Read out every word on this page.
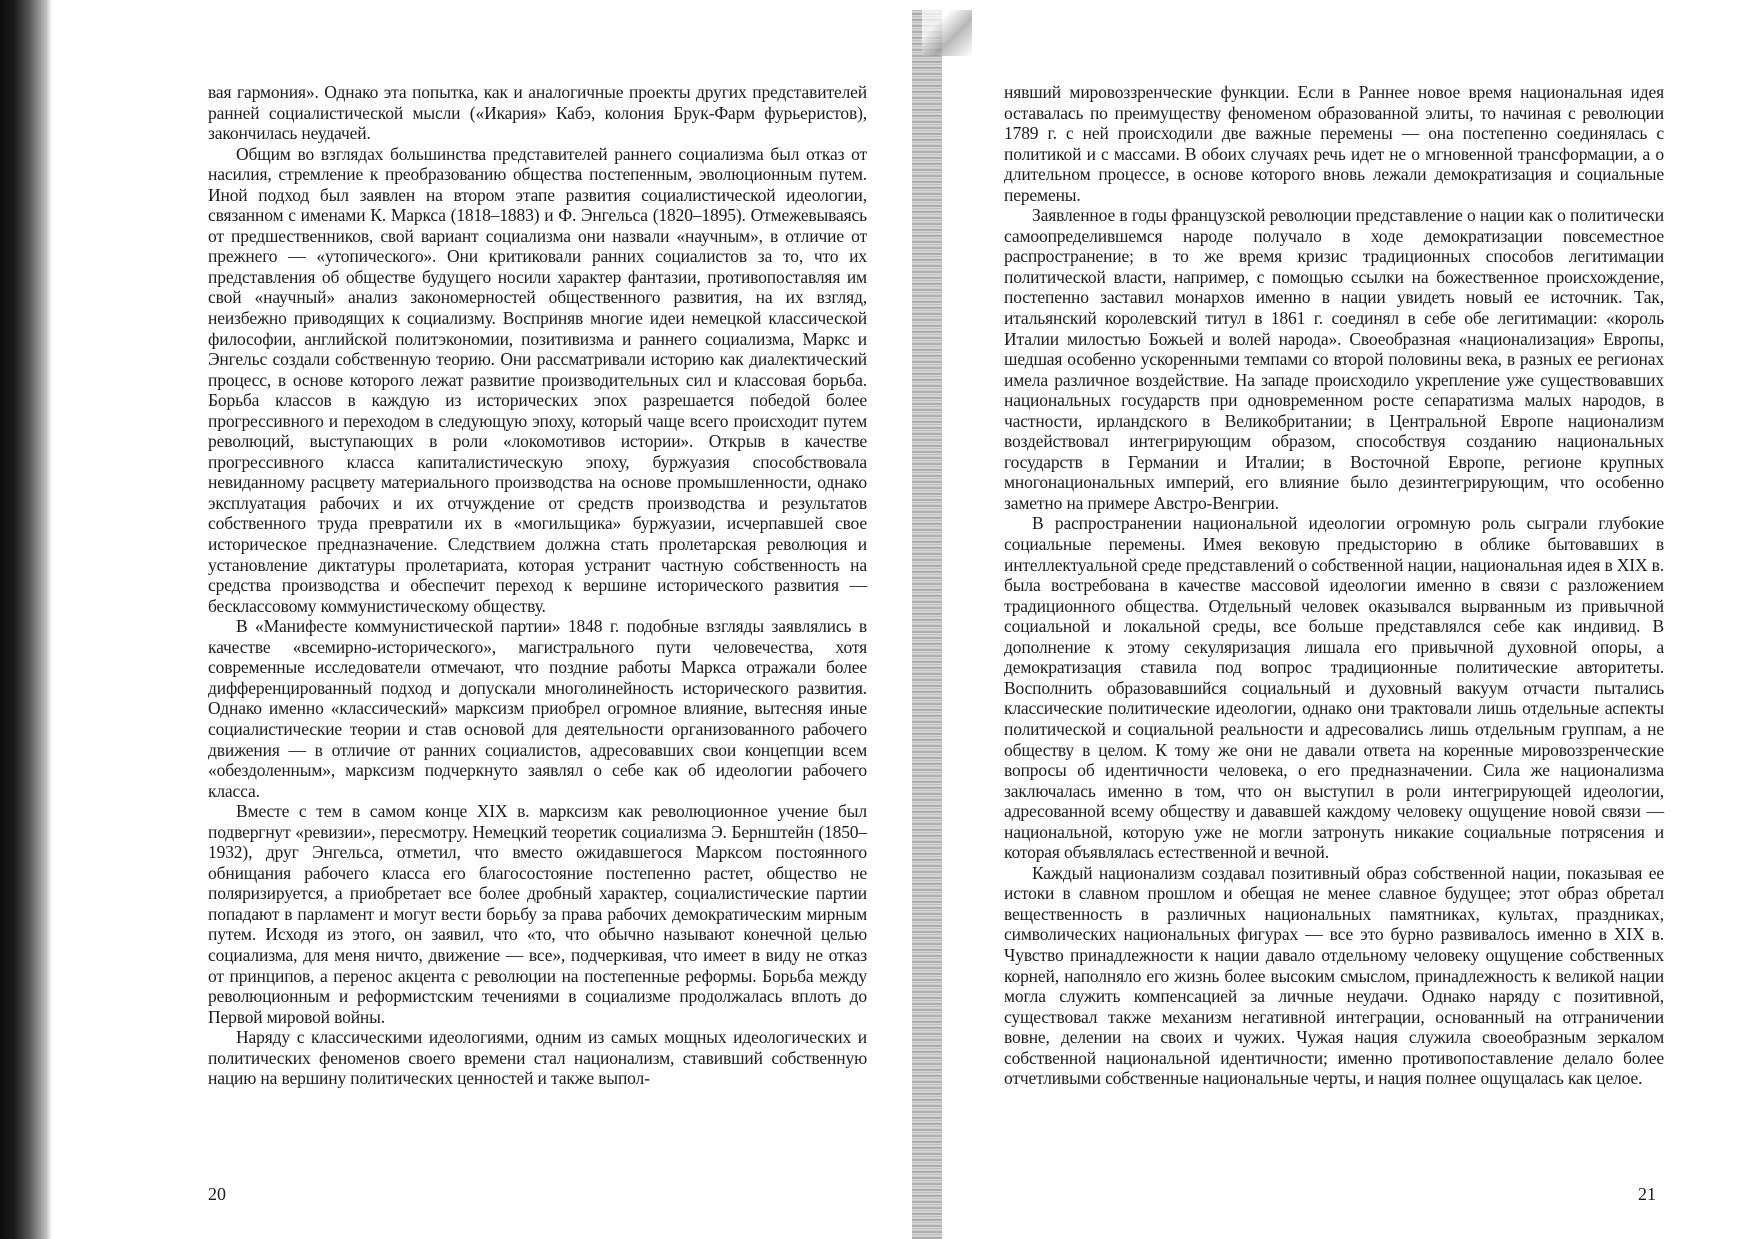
вая гармония». Однако эта попытка, как и аналогичные проекты других представителей ранней социалистической мысли («Икария» Кабэ, колония Брук-Фарм фурьеристов), закончилась неудачей.

Общим во взглядах большинства представителей раннего социализма был отказ от насилия, стремление к преобразованию общества постепенным, эволюционным путем. Иной подход был заявлен на втором этапе развития социалистической идеологии, связанном с именами К. Маркса (1818–1883) и Ф. Энгельса (1820–1895). Отмежевываясь от предшественников, свой вариант социализма они назвали «научным», в отличие от прежнего — «утопического». Они критиковали ранних социалистов за то, что их представления об обществе будущего носили характер фантазии, противопоставляя им свой «научный» анализ закономерностей общественного развития, на их взгляд, неизбежно приводящих к социализму. Восприняв многие идеи немецкой классической философии, английской политэкономии, позитивизма и раннего социализма, Маркс и Энгельс создали собственную теорию. Они рассматривали историю как диалектический процесс, в основе которого лежат развитие производительных сил и классовая борьба. Борьба классов в каждую из исторических эпох разрешается победой более прогрессивного и переходом в следующую эпоху, который чаще всего происходит путем революций, выступающих в роли «локомотивов истории». Открыв в качестве прогрессивного класса капиталистическую эпоху, буржуазия способствовала невиданному расцвету материального производства на основе промышленности, однако эксплуатация рабочих и их отчуждение от средств производства и результатов собственного труда превратили их в «могильщика» буржуазии, исчерпавшей свое историческое предназначение. Следствием должна стать пролетарская революция и установление диктатуры пролетариата, которая устранит частную собственность на средства производства и обеспечит переход к вершине исторического развития — бесклассовому коммунистическому обществу.

В «Манифесте коммунистической партии» 1848 г. подобные взгляды заявлялись в качестве «всемирно-исторического», магистрального пути человечества, хотя современные исследователи отмечают, что поздние работы Маркса отражали более дифференцированный подход и допускали многолинейность исторического развития. Однако именно «классический» марксизм приобрел огромное влияние, вытесняя иные социалистические теории и став основой для деятельности организованного рабочего движения — в отличие от ранних социалистов, адресовавших свои концепции всем «обездоленным», марксизм подчеркнуто заявлял о себе как об идеологии рабочего класса.

Вместе с тем в самом конце XIX в. марксизм как революционное учение был подвергнут «ревизии», пересмотру. Немецкий теоретик социализма Э. Бернштейн (1850–1932), друг Энгельса, отметил, что вместо ожидавшегося Марксом постоянного обнищания рабочего класса его благосостояние постепенно растет, общество не поляризируется, а приобретает все более дробный характер, социалистические партии попадают в парламент и могут вести борьбу за права рабочих демократическим мирным путем. Исходя из этого, он заявил, что «то, что обычно называют конечной целью социализма, для меня ничто, движение — все», подчеркивая, что имеет в виду не отказ от принципов, а перенос акцента с революции на постепенные реформы. Борьба между революционным и реформистским течениями в социализме продолжалась вплоть до Первой мировой войны.

Наряду с классическими идеологиями, одним из самых мощных идеологических и политических феноменов своего времени стал национализм, ставивший собственную нацию на вершину политических ценностей и также выпол-

нявший мировоззренческие функции. Если в Раннее новое время национальная идея оставалась по преимуществу феноменом образованной элиты, то начиная с революции 1789 г. с ней происходили две важные перемены — она постепенно соединялась с политикой и с массами. В обоих случаях речь идет не о мгновенной трансформации, а о длительном процессе, в основе которого вновь лежали демократизация и социальные перемены.

Заявленное в годы французской революции представление о нации как о политически самоопределившемся народе получало в ходе демократизации повсеместное распространение; в то же время кризис традиционных способов легитимации политической власти, например, с помощью ссылки на божественное происхождение, постепенно заставил монархов именно в нации увидеть новый ее источник. Так, итальянский королевский титул в 1861 г. соединял в себе обе легитимации: «король Италии милостью Божьей и волей народа». Своеобразная «национализация» Европы, шедшая особенно ускоренными темпами со второй половины века, в разных ее регионах имела различное воздействие. На западе происходило укрепление уже существовавших национальных государств при одновременном росте сепаратизма малых народов, в частности, ирландского в Великобритании; в Центральной Европе национализм воздействовал интегрирующим образом, способствуя созданию национальных государств в Германии и Италии; в Восточной Европе, регионе крупных многонациональных империй, его влияние было дезинтегрирующим, что особенно заметно на примере Австро-Венгрии.

В распространении национальной идеологии огромную роль сыграли глубокие социальные перемены. Имея вековую предысторию в облике бытовавших в интеллектуальной среде представлений о собственной нации, национальная идея в XIX в. была востребована в качестве массовой идеологии именно в связи с разложением традиционного общества. Отдельный человек оказывался вырванным из привычной социальной и локальной среды, все больше представлялся себе как индивид. В дополнение к этому секуляризация лишала его привычной духовной опоры, а демократизация ставила под вопрос традиционные политические авторитеты. Восполнить образовавшийся социальный и духовный вакуум отчасти пытались классические политические идеологии, однако они трактовали лишь отдельные аспекты политической и социальной реальности и адресовались лишь отдельным группам, а не обществу в целом. К тому же они не давали ответа на коренные мировоззренческие вопросы об идентичности человека, о его предназначении. Сила же национализма заключалась именно в том, что он выступил в роли интегрирующей идеологии, адресованной всему обществу и дававшей каждому человеку ощущение новой связи — национальной, которую уже не могли затронуть никакие социальные потрясения и которая объявлялась естественной и вечной.

Каждый национализм создавал позитивный образ собственной нации, показывая ее истоки в славном прошлом и обещая не менее славное будущее; этот образ обретал вещественность в различных национальных памятниках, культах, праздниках, символических национальных фигурах — все это бурно развивалось именно в XIX в. Чувство принадлежности к нации давало отдельному человеку ощущение собственных корней, наполняло его жизнь более высоким смыслом, принадлежность к великой нации могла служить компенсацией за личные неудачи. Однако наряду с позитивной, существовал также механизм негативной интеграции, основанный на отграничении вовне, делении на своих и чужих. Чужая нация служила своеобразным зеркалом собственной национальной идентичности; именно противопоставление делало более отчетливыми собственные национальные черты, и нация полнее ощущалась как целое.

20	21
